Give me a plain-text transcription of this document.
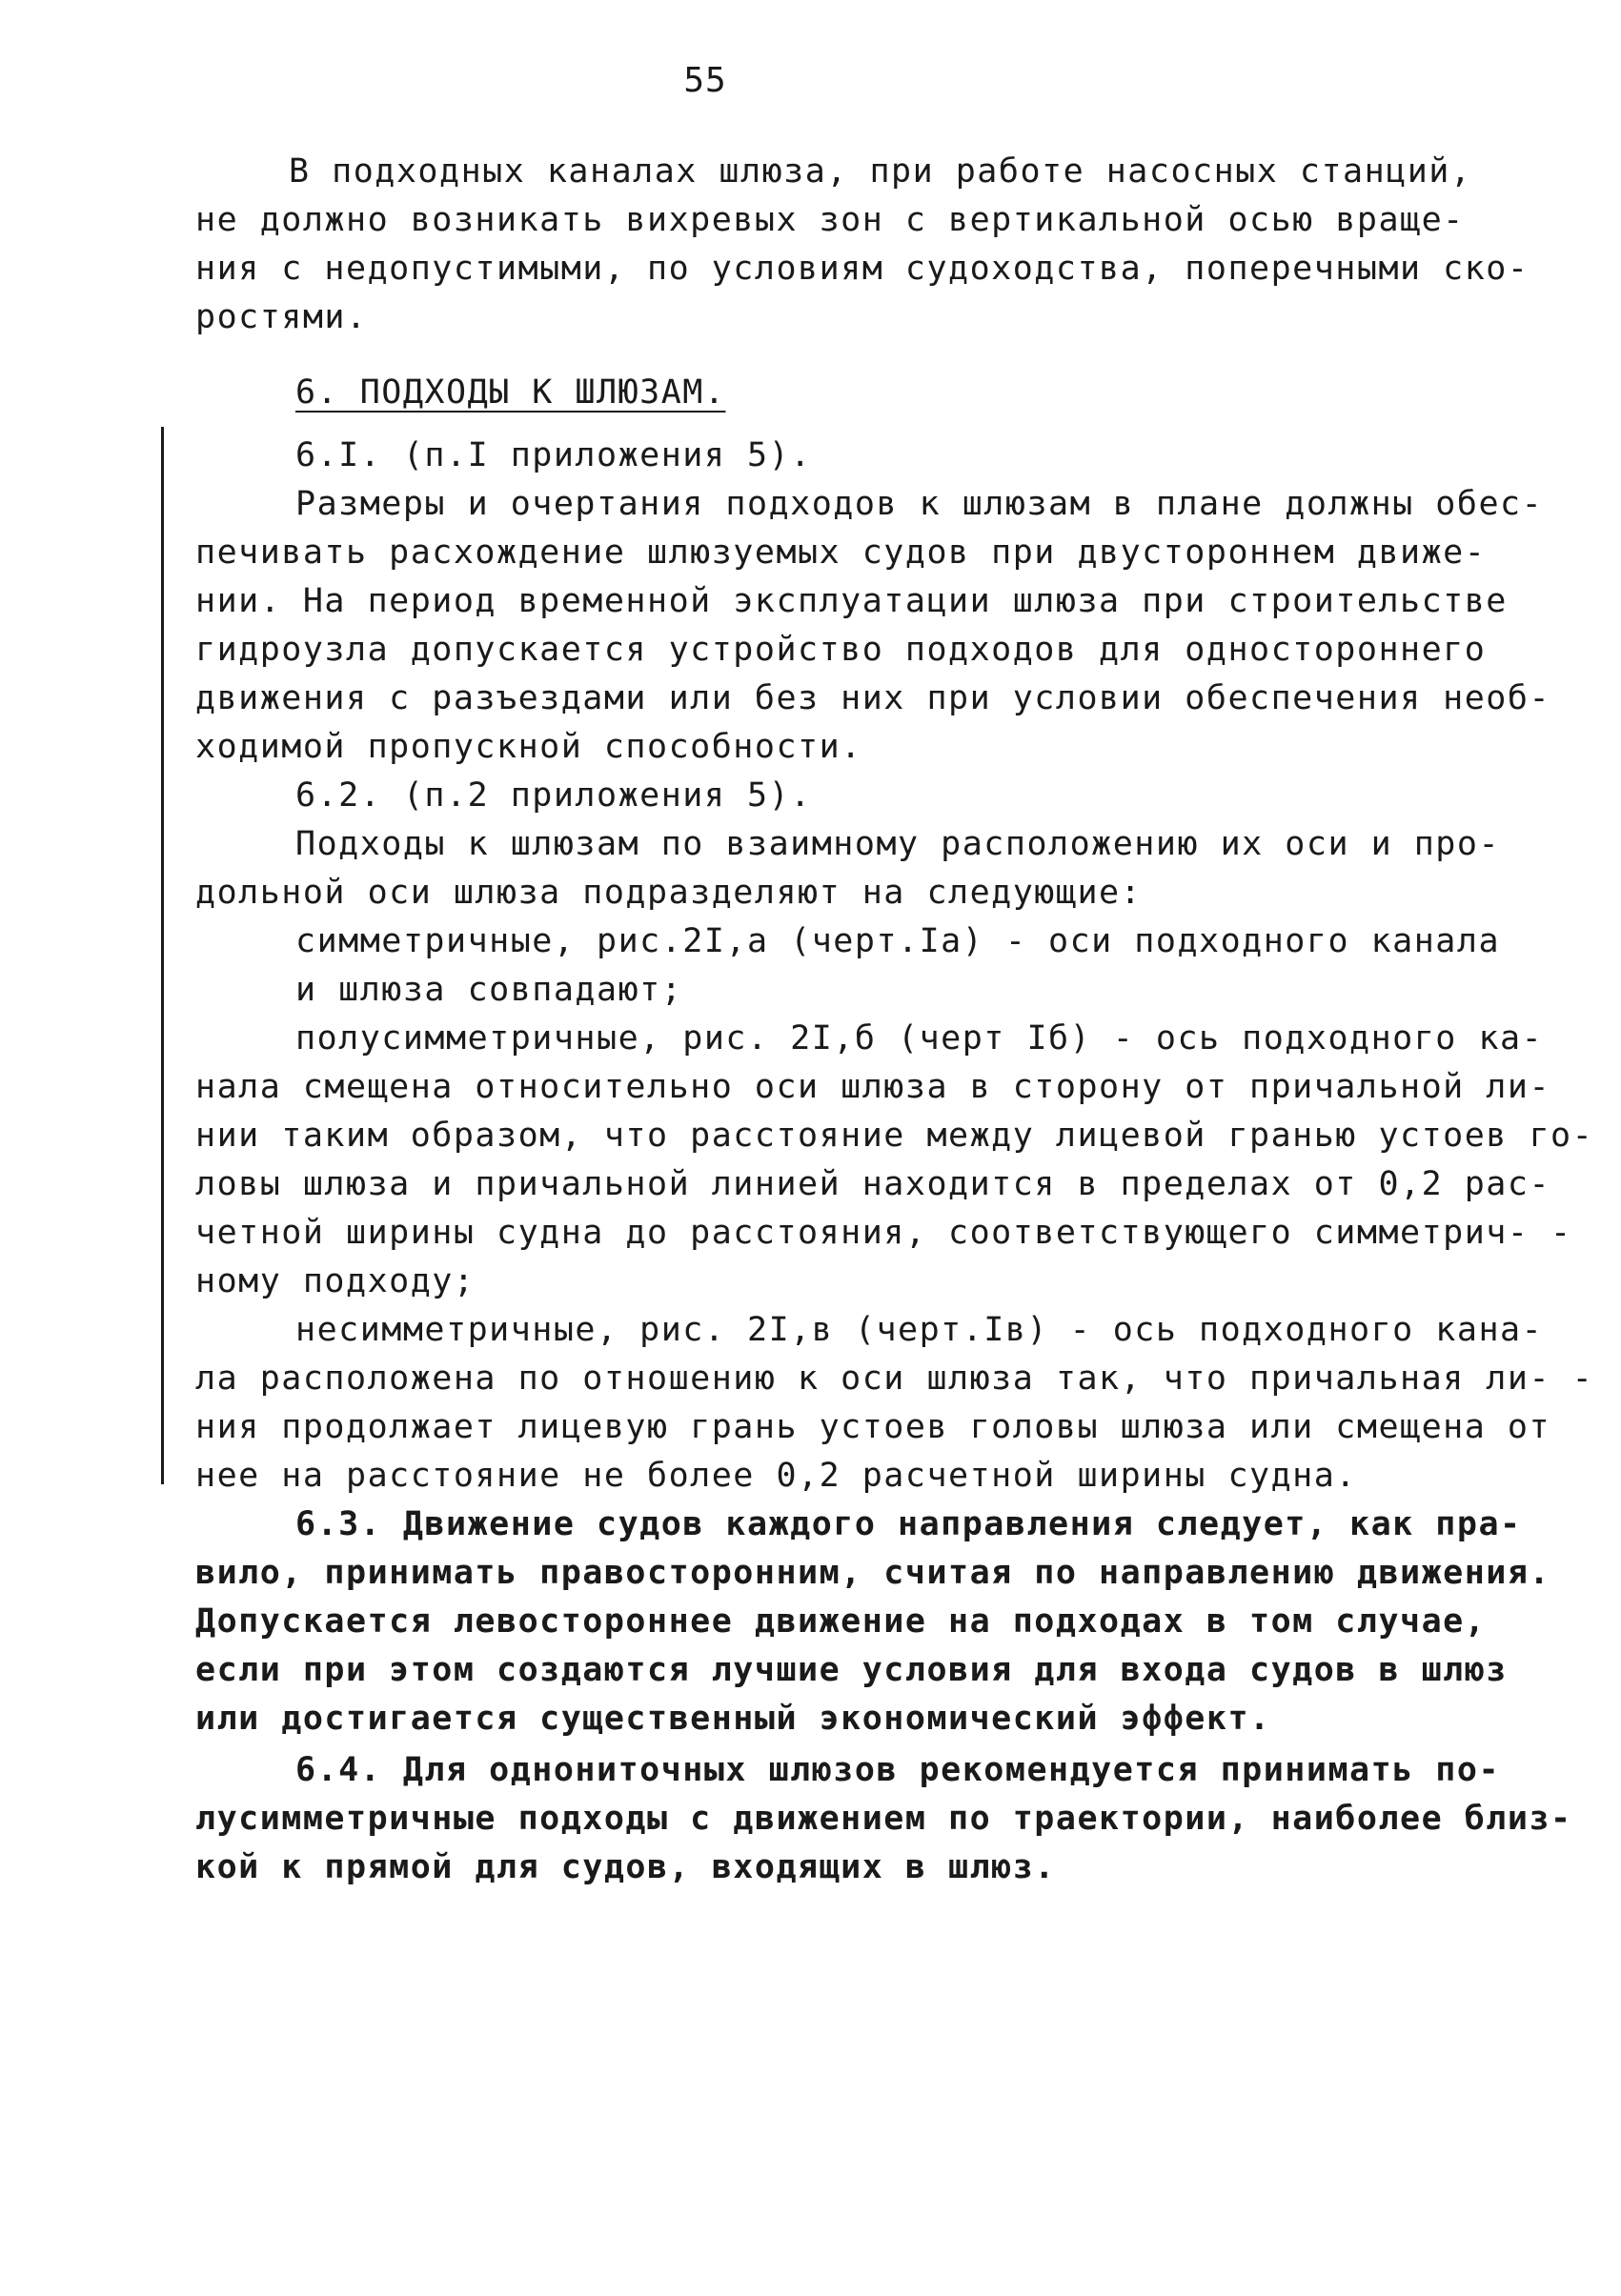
55
В подходных каналах шлюза, при работе насосных станций,
не должно возникать вихревых зон с вертикальной осью враще-
ния с недопустимыми, по условиям судоходства, поперечными ско-
ростями.
6. ПОДХОДЫ К ШЛЮЗАМ.
6.I. (п.I приложения 5).
Размеры и очертания подходов к шлюзам в плане должны обес-
печивать расхождение шлюзуемых судов при двустороннем движе-
нии. На период временной эксплуатации шлюза при строительстве
гидроузла допускается устройство подходов для одностороннего
движения с разъездами или без них при условии обеспечения необ-
ходимой пропускной способности.
6.2. (п.2 приложения 5).
Подходы к шлюзам по взаимному расположению их оси и про-
дольной оси шлюза подразделяют на следующие:
симметричные, рис.2I,а (черт.Iа) - оси подходного канала
и шлюза совпадают;
полусимметричные, рис. 2I,б (черт Iб) - ось подходного ка-
нала смещена относительно оси шлюза в сторону от причальной ли-
нии таким образом, что расстояние между лицевой гранью устоев го-
ловы шлюза и причальной линией находится в пределах от 0,2 рас-
четной ширины судна до расстояния, соответствующего симметрич- -
ному подходу;
несимметричные, рис. 2I,в (черт.Iв) - ось подходного кана-
ла расположена по отношению к оси шлюза так, что причальная ли- -
ния продолжает лицевую грань устоев головы шлюза или смещена от
нее на расстояние не более 0,2 расчетной ширины судна.
6.3. Движение судов каждого направления следует, как пра-
вило, принимать правосторонним, считая по направлению движения.
Допускается левостороннее движение на подходах в том случае,
если при этом создаются лучшие условия для входа судов в шлюз
или достигается существенный экономический эффект.
6.4. Для однониточных шлюзов рекомендуется принимать по-
лусимметричные подходы с движением по траектории, наиболее близ-
кой к прямой для судов, входящих в шлюз.
